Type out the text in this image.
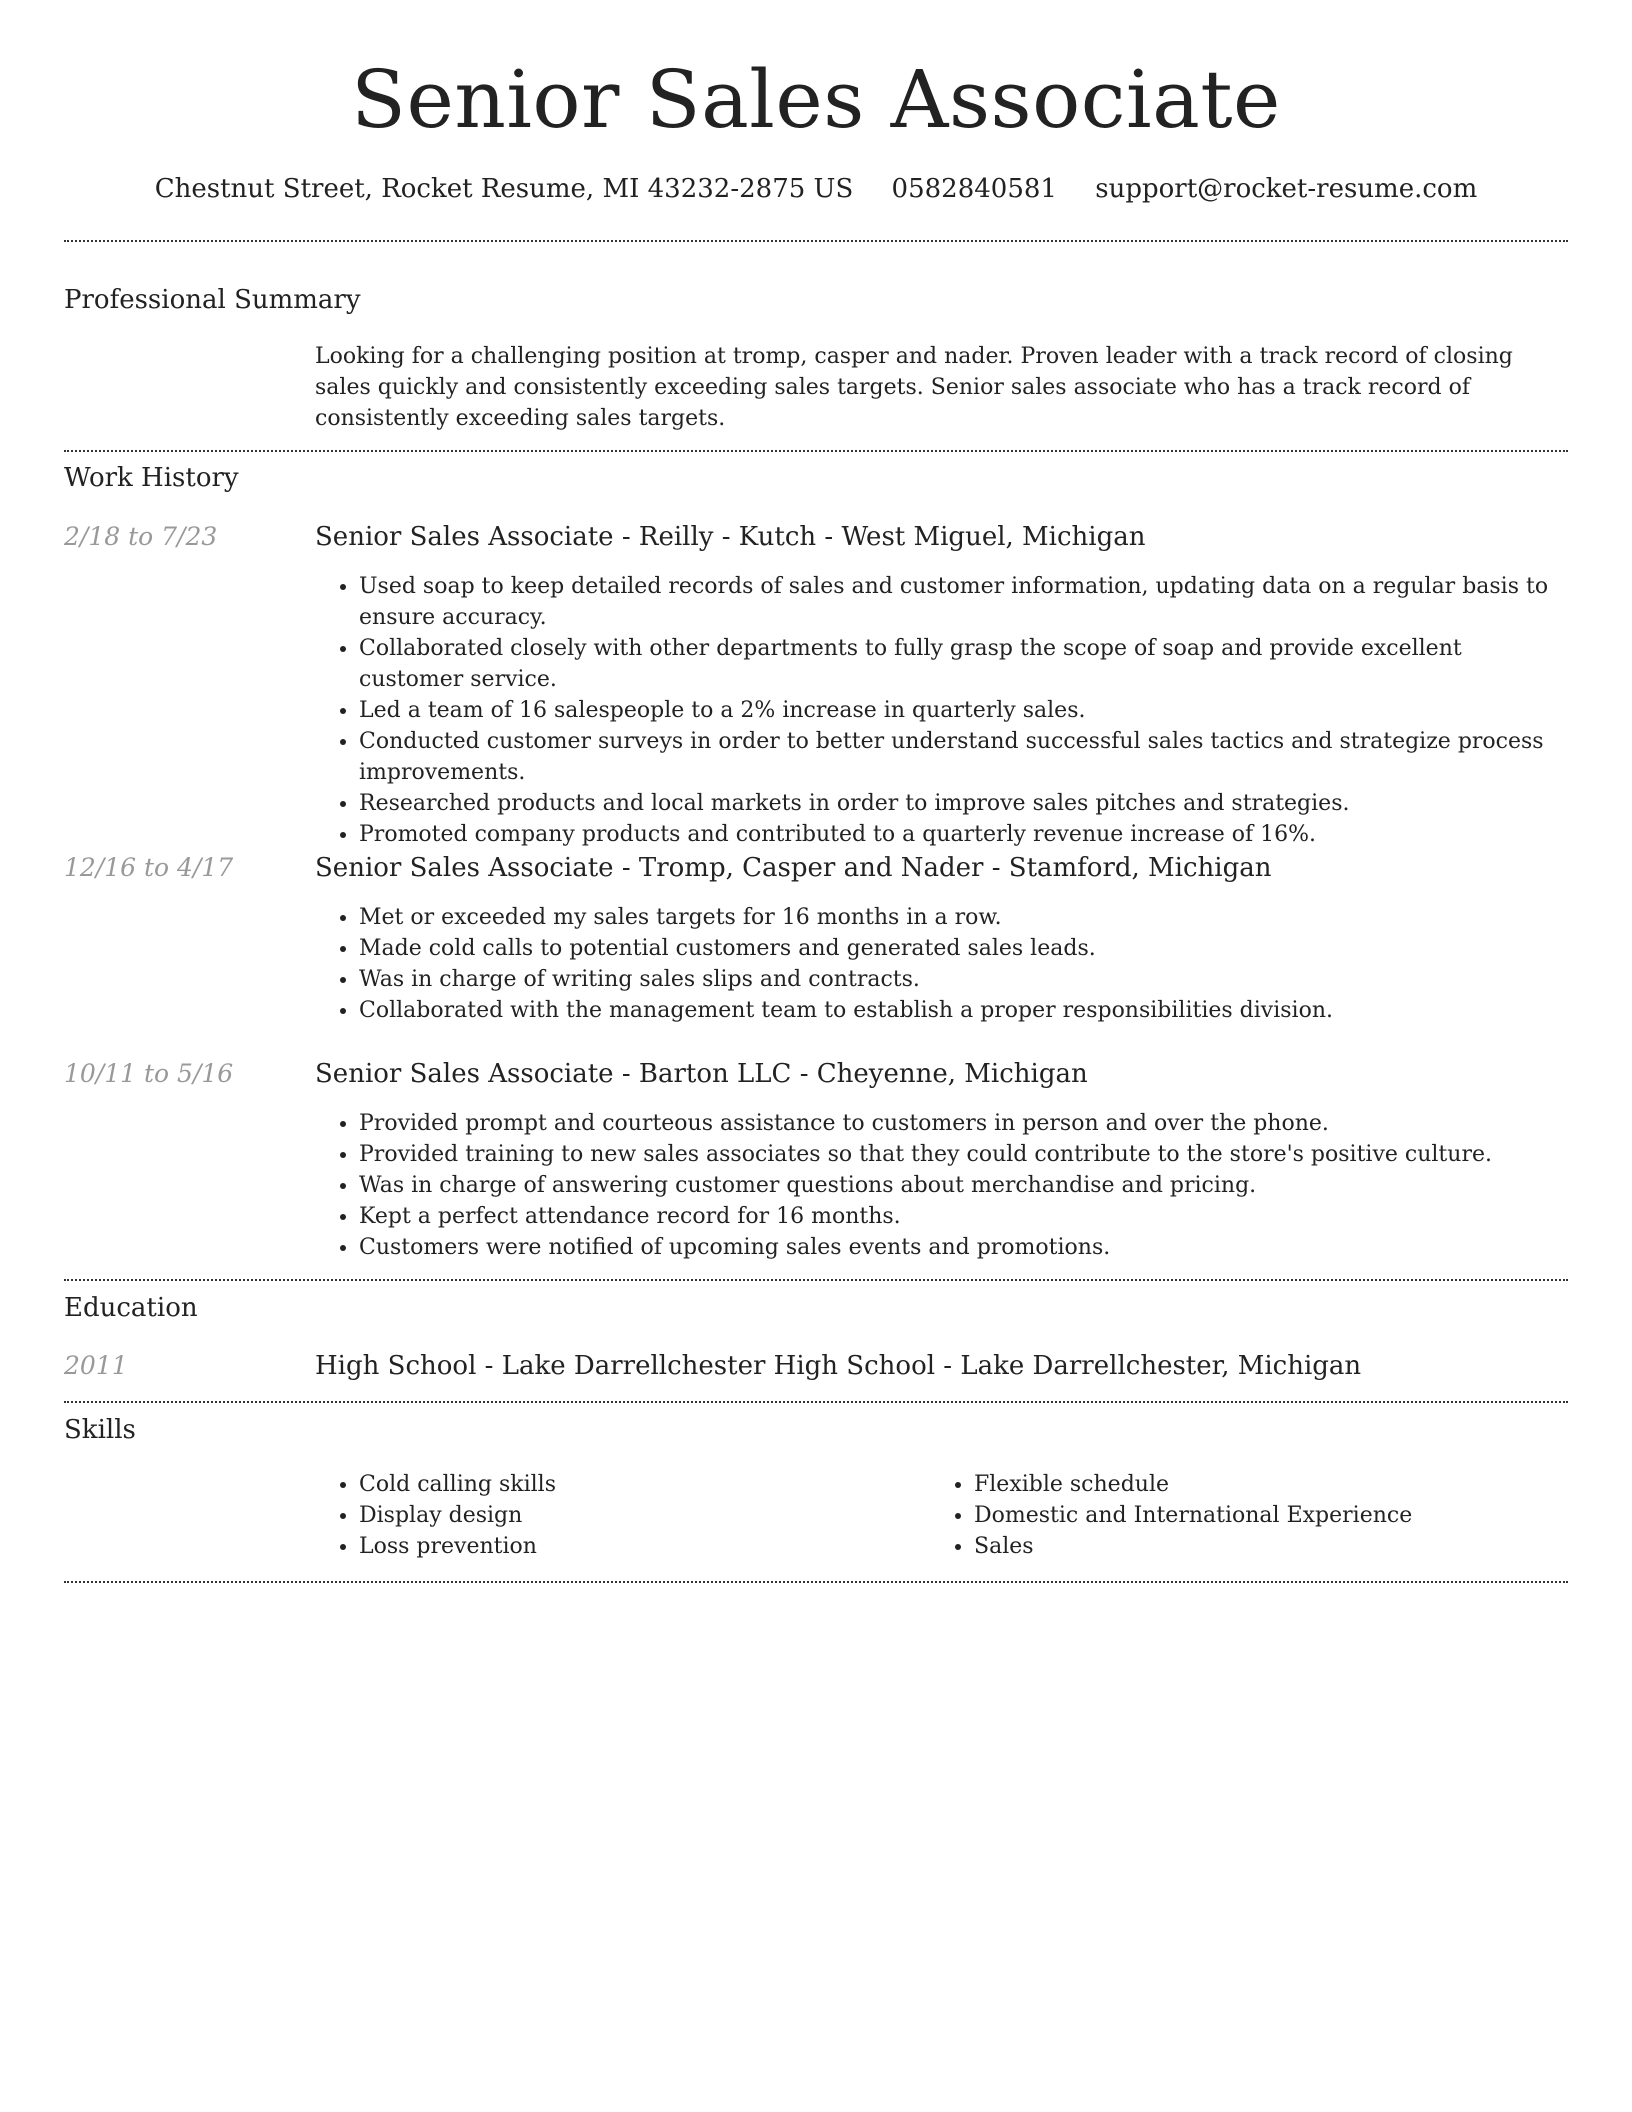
Senior Sales Associate
Chestnut Street, Rocket Resume, MI 43232-2875 US 0582840581 support@rocket-resume.com
Professional Summary
Looking for a challenging position at tromp, casper and nader. Proven leader with a track record of closing sales quickly and consistently exceeding sales targets. Senior sales associate who has a track record of consistently exceeding sales targets.
Work History
2/18 to 7/23	Senior Sales Associate - Reilly - Kutch - West Miguel, Michigan
• Used soap to keep detailed records of sales and customer information, updating data on a regular basis to ensure accuracy.
• Collaborated closely with other departments to fully grasp the scope of soap and provide excellent customer service.
• Led a team of 16 salespeople to a 2% increase in quarterly sales.
• Conducted customer surveys in order to better understand successful sales tactics and strategize process improvements.
• Researched products and local markets in order to improve sales pitches and strategies.
• Promoted company products and contributed to a quarterly revenue increase of 16%.
12/16 to 4/17	Senior Sales Associate - Tromp, Casper and Nader - Stamford, Michigan
• Met or exceeded my sales targets for 16 months in a row.
• Made cold calls to potential customers and generated sales leads.
• Was in charge of writing sales slips and contracts.
• Collaborated with the management team to establish a proper responsibilities division.
10/11 to 5/16	Senior Sales Associate - Barton LLC - Cheyenne, Michigan
• Provided prompt and courteous assistance to customers in person and over the phone.
• Provided training to new sales associates so that they could contribute to the store's positive culture.
• Was in charge of answering customer questions about merchandise and pricing.
• Kept a perfect attendance record for 16 months.
• Customers were notified of upcoming sales events and promotions.
Education
2011	High School - Lake Darrellchester High School - Lake Darrellchester, Michigan
Skills
• Cold calling skills
• Display design
• Loss prevention
• Flexible schedule
• Domestic and International Experience
• Sales
